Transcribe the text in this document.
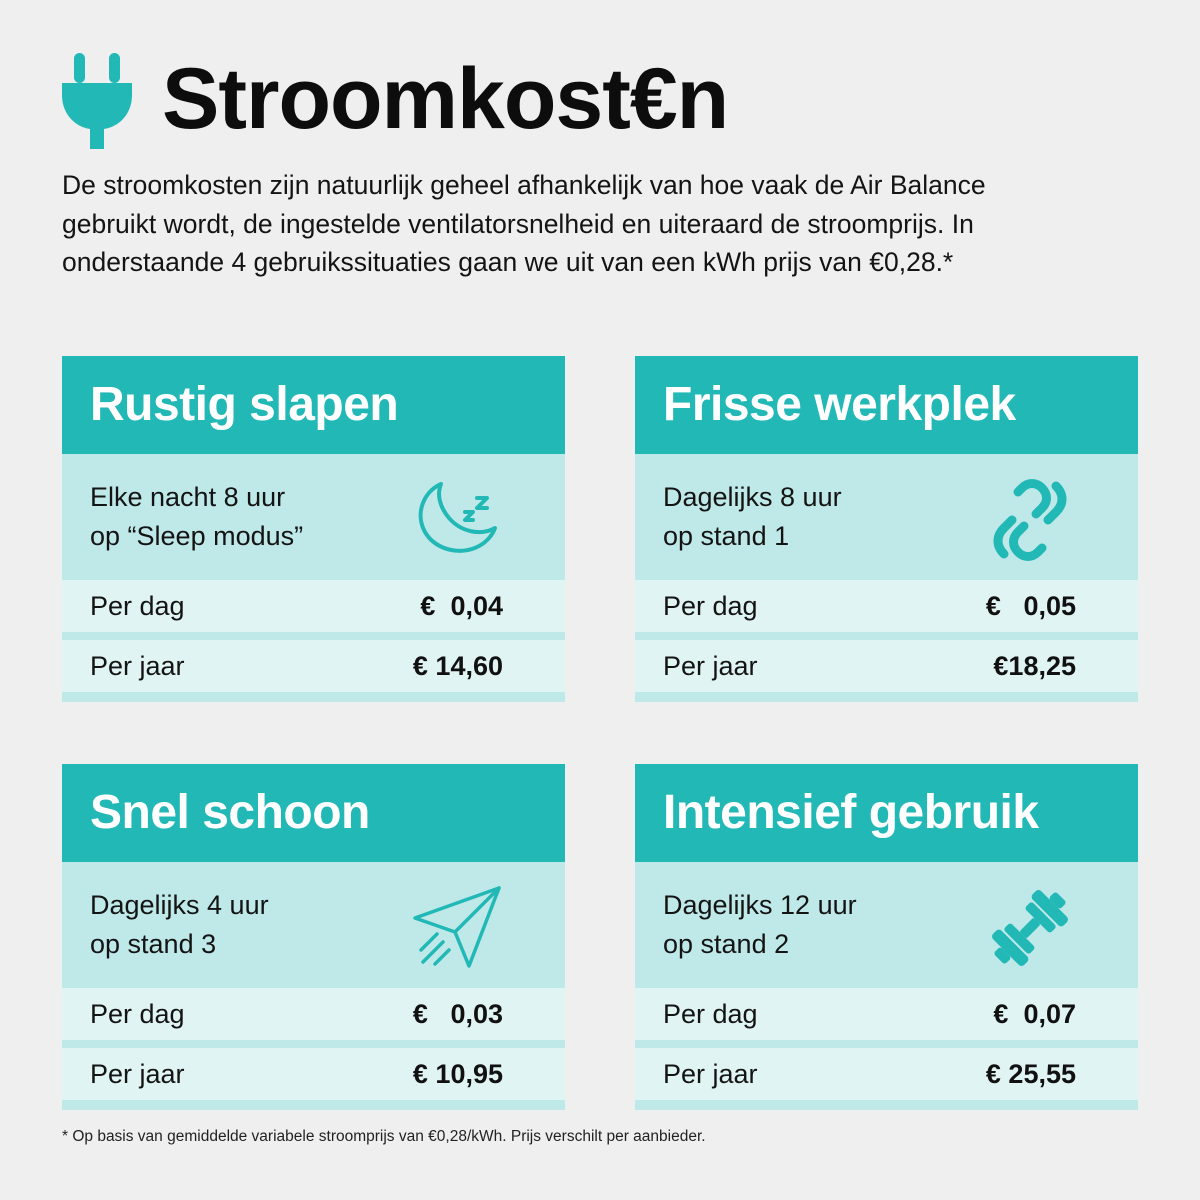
Stroomkost€n

De stroomkosten zijn natuurlijk geheel afhankelijk van hoe vaak de Air Balance gebruikt wordt, de ingestelde ventilatorsnelheid en uiteraard de stroomprijs. In onderstaande 4 gebruikssituaties gaan we uit van een kWh prijs van €0,28.*

Rustig slapen
Elke nacht 8 uur
op “Sleep modus”
Per dag	€  0,04
Per jaar	€ 14,60
Frisse werkplek
Dagelijks 8 uur
op stand 1
Per dag	€   0,05
Per jaar	€18,25
Snel schoon
Dagelijks 4 uur
op stand 3
Per dag	€   0,03
Per jaar	€ 10,95
Intensief gebruik
Dagelijks 12 uur
op stand 2
Per dag	€  0,07
Per jaar	€ 25,55

* Op basis van gemiddelde variabele stroomprijs van €0,28/kWh. Prijs verschilt per aanbieder.
